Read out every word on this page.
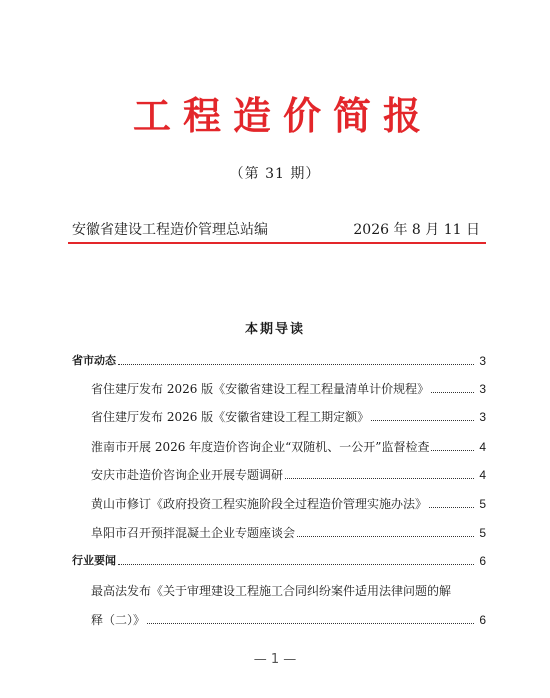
工程造价简报
（第 31 期）
安徽省建设工程造价管理总站编	2026 年 8 月 11 日
本期导读
省市动态	3
省住建厅发布 2026 版《安徽省建设工程工程量清单计价规程》	3
省住建厅发布 2026 版《安徽省建设工程工期定额》	3
淮南市开展 2026 年度造价咨询企业“双随机、一公开”监督检查	4
安庆市赴造价咨询企业开展专题调研	4
黄山市修订《政府投资工程实施阶段全过程造价管理实施办法》	5
阜阳市召开预拌混凝土企业专题座谈会	5
行业要闻	6
最高法发布《关于审理建设工程施工合同纠纷案件适用法律问题的解
释（二）》	6
— 1 —
